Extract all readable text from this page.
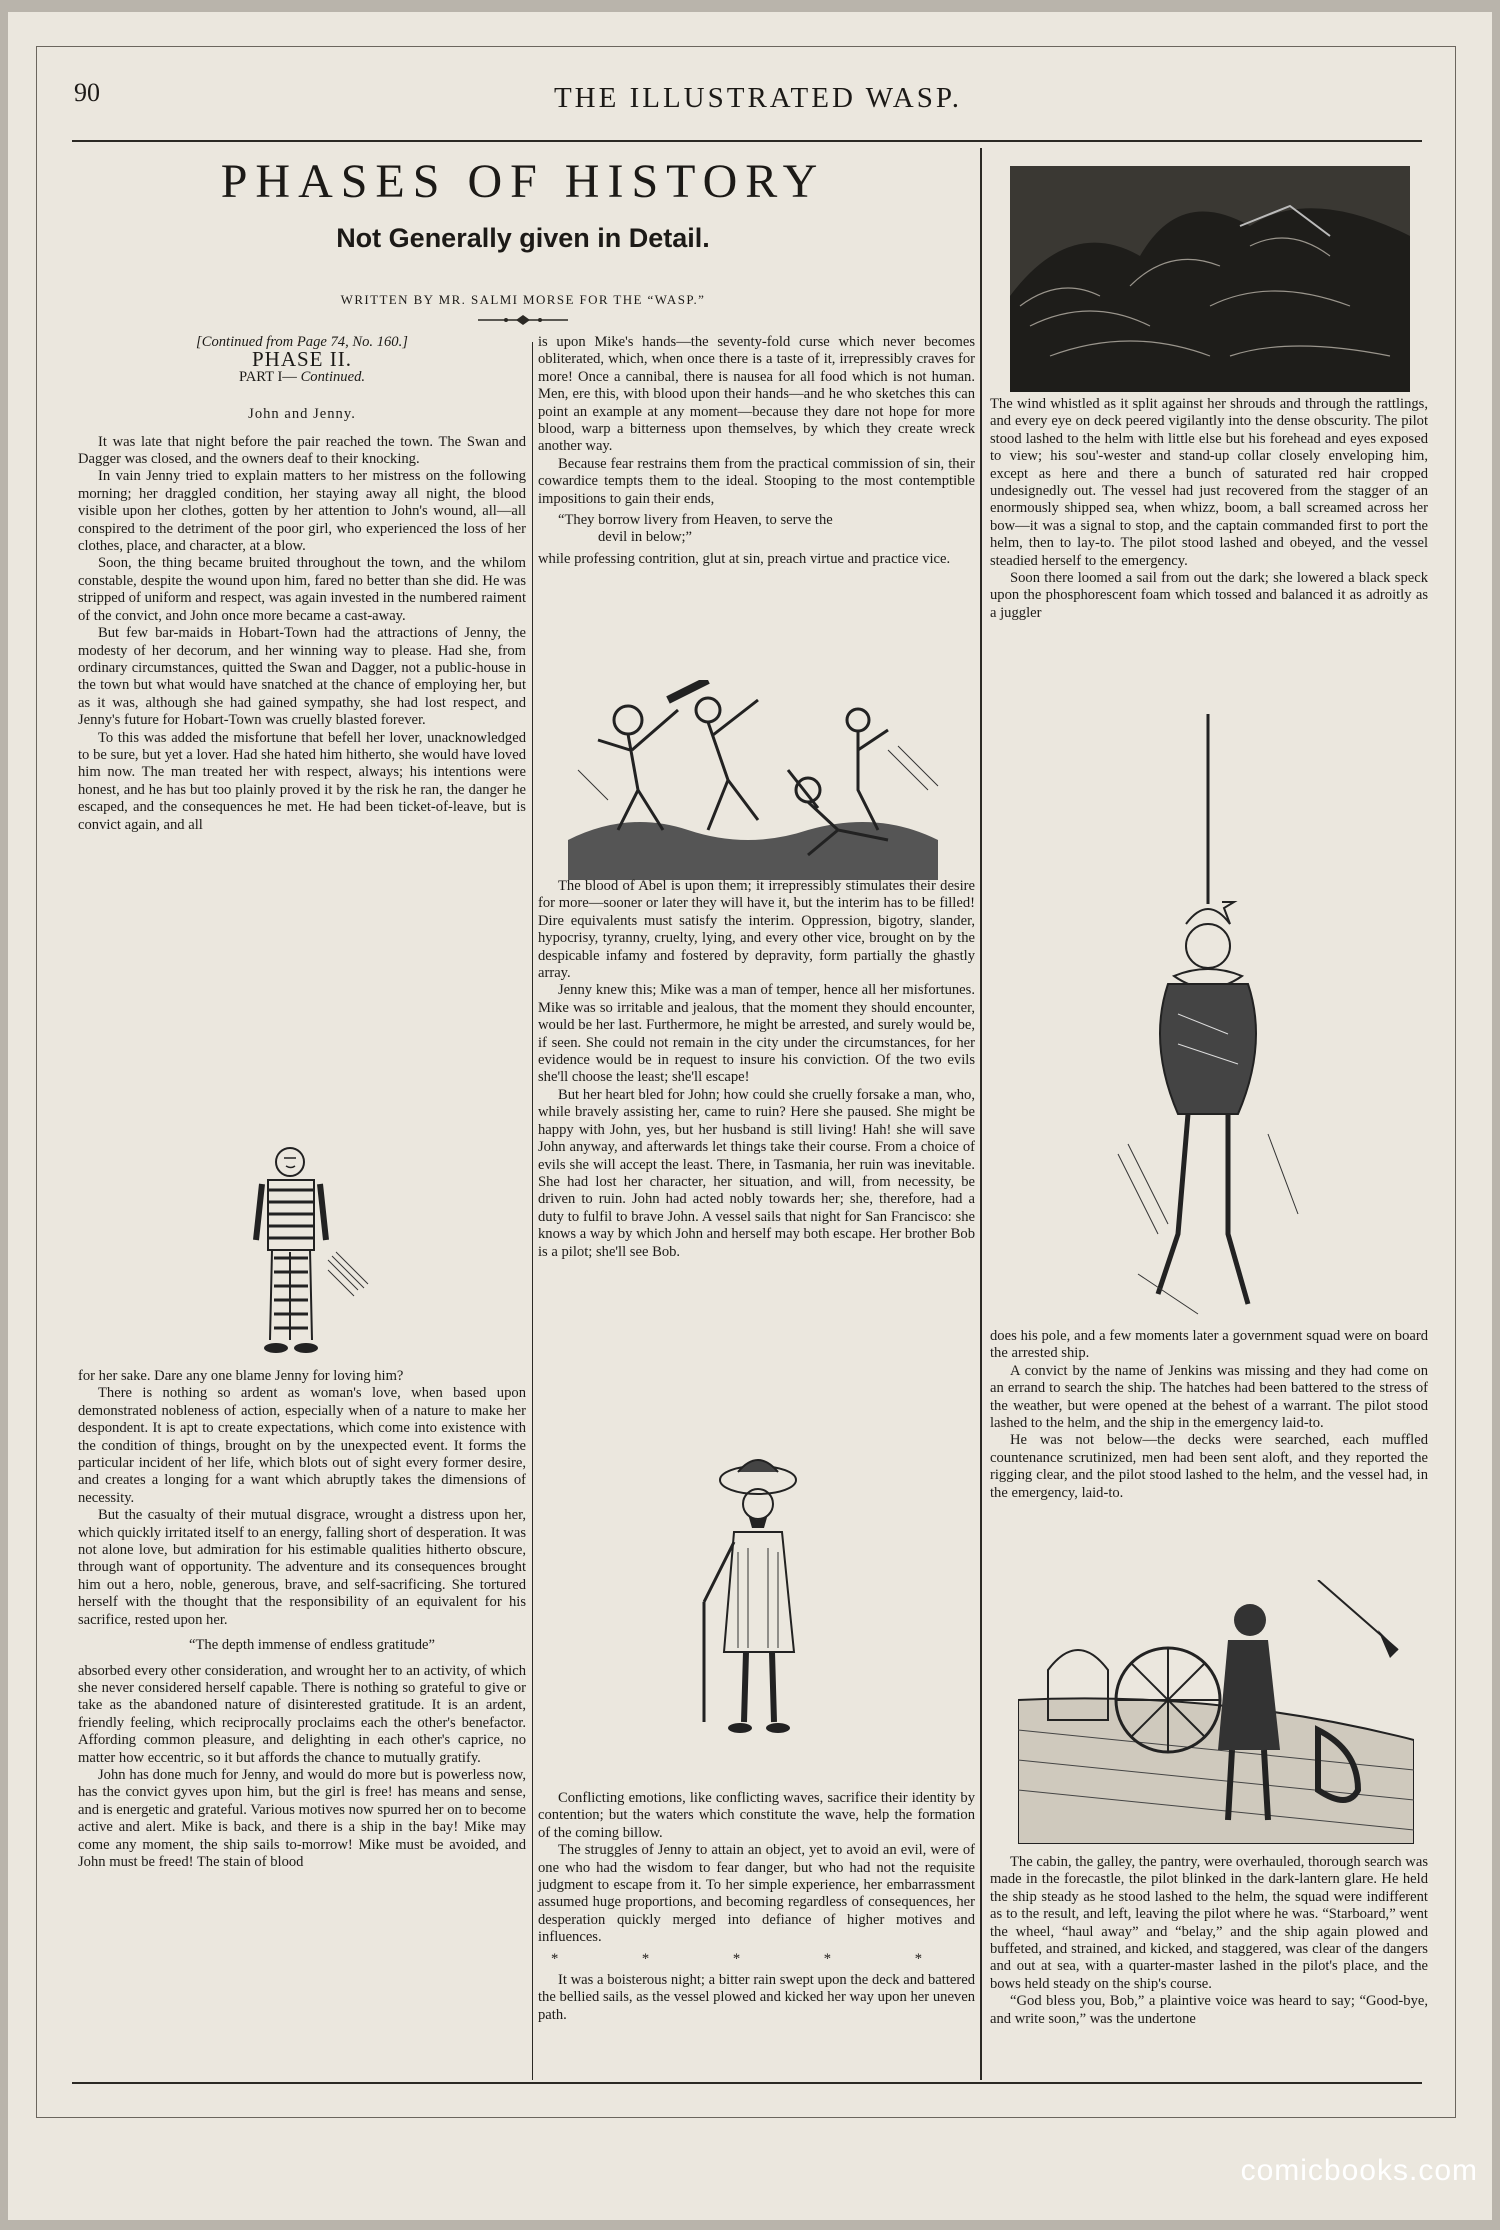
90	THE ILLUSTRATED WASP.
PHASES OF HISTORY
Not Generally given in Detail.
WRITTEN BY MR. SALMI MORSE FOR THE “WASP.”

[Continued from Page 74, No. 160.]

PHASE II.

PART I— Continued.

John and Jenny.

It was late that night before the pair reached the town. The Swan and Dagger was closed, and the owners deaf to their knocking.

In vain Jenny tried to explain matters to her mistress on the following morning; her draggled condition, her staying away all night, the blood visible upon her clothes, gotten by her attention to John's wound, all—all conspired to the detriment of the poor girl, who experienced the loss of her clothes, place, and character, at a blow.

Soon, the thing became bruited throughout the town, and the whilom constable, despite the wound upon him, fared no better than she did. He was stripped of uniform and respect, was again invested in the numbered raiment of the convict, and John once more became a cast-away.

But few bar-maids in Hobart-Town had the attractions of Jenny, the modesty of her decorum, and her winning way to please. Had she, from ordinary circumstances, quitted the Swan and Dagger, not a public-house in the town but what would have snatched at the chance of employing her, but as it was, although she had gained sympathy, she had lost respect, and Jenny's future for Hobart-Town was cruelly blasted forever.

To this was added the misfortune that befell her lover, unacknowledged to be sure, but yet a lover. Had she hated him hitherto, she would have loved him now. The man treated her with respect, always; his intentions were honest, and he has but too plainly proved it by the risk he ran, the danger he escaped, and the consequences he met. He had been ticket-of-leave, but is convict again, and all

for her sake. Dare any one blame Jenny for loving him?

There is nothing so ardent as woman's love, when based upon demonstrated nobleness of action, especially when of a nature to make her despondent. It is apt to create expectations, which come into existence with the condition of things, brought on by the unexpected event. It forms the particular incident of her life, which blots out of sight every former desire, and creates a longing for a want which abruptly takes the dimensions of necessity.

But the casualty of their mutual disgrace, wrought a distress upon her, which quickly irritated itself to an energy, falling short of desperation. It was not alone love, but admiration for his estimable qualities hitherto obscure, through want of opportunity. The adventure and its consequences brought him out a hero, noble, generous, brave, and self-sacrificing. She tortured herself with the thought that the responsibility of an equivalent for his sacrifice, rested upon her.

“The depth immense of endless gratitude”

absorbed every other consideration, and wrought her to an activity, of which she never considered herself capable. There is nothing so grateful to give or take as the abandoned nature of disinterested gratitude. It is an ardent, friendly feeling, which reciprocally proclaims each the other's benefactor. Affording common pleasure, and delighting in each other's caprice, no matter how eccentric, so it but affords the chance to mutually gratify.

John has done much for Jenny, and would do more but is powerless now, has the convict gyves upon him, but the girl is free! has means and sense, and is energetic and grateful. Various motives now spurred her on to become active and alert. Mike is back, and there is a ship in the bay! Mike may come any moment, the ship sails to-morrow! Mike must be avoided, and John must be freed! The stain of blood

is upon Mike's hands—the seventy-fold curse which never becomes obliterated, which, when once there is a taste of it, irrepressibly craves for more! Once a cannibal, there is nausea for all food which is not human. Men, ere this, with blood upon their hands—and he who sketches this can point an example at any moment—because they dare not hope for more blood, warp a bitterness upon themselves, by which they create wreck another way.

Because fear restrains them from the practical commission of sin, their cowardice tempts them to the ideal. Stooping to the most contemptible impositions to gain their ends,

“They borrow livery from Heaven, to serve the

devil in below;”

while professing contrition, glut at sin, preach virtue and practice vice.

The blood of Abel is upon them; it irrepressibly stimulates their desire for more—sooner or later they will have it, but the interim has to be filled! Dire equivalents must satisfy the interim. Oppression, bigotry, slander, hypocrisy, tyranny, cruelty, lying, and every other vice, brought on by the despicable infamy and fostered by depravity, form partially the ghastly array.

Jenny knew this; Mike was a man of temper, hence all her misfortunes. Mike was so irritable and jealous, that the moment they should encounter, would be her last. Furthermore, he might be arrested, and surely would be, if seen. She could not remain in the city under the circumstances, for her evidence would be in request to insure his conviction. Of the two evils she'll choose the least; she'll escape!

But her heart bled for John; how could she cruelly forsake a man, who, while bravely assisting her, came to ruin? Here she paused. She might be happy with John, yes, but her husband is still living! Hah! she will save John anyway, and afterwards let things take their course. From a choice of evils she will accept the least. There, in Tasmania, her ruin was inevitable. She had lost her character, her situation, and will, from necessity, be driven to ruin. John had acted nobly towards her; she, therefore, had a duty to fulfil to brave John. A vessel sails that night for San Francisco: she knows a way by which John and herself may both escape. Her brother Bob is a pilot; she'll see Bob.

Conflicting emotions, like conflicting waves, sacrifice their identity by contention; but the waters which constitute the wave, help the formation of the coming billow.

The struggles of Jenny to attain an object, yet to avoid an evil, were of one who had the wisdom to fear danger, but who had not the requisite judgment to escape from it. To her simple experience, her embarrassment assumed huge proportions, and becoming regardless of consequences, her desperation quickly merged into defiance of higher motives and influences.

* * * * *

It was a boisterous night; a bitter rain swept upon the deck and battered the bellied sails, as the vessel plowed and kicked her way upon her uneven path.

The wind whistled as it split against her shrouds and through the rattlings, and every eye on deck peered vigilantly into the dense obscurity. The pilot stood lashed to the helm with little else but his forehead and eyes exposed to view; his sou'-wester and stand-up collar closely enveloping him, except as here and there a bunch of saturated red hair cropped undesignedly out. The vessel had just recovered from the stagger of an enormously shipped sea, when whizz, boom, a ball screamed across her bow—it was a signal to stop, and the captain commanded first to port the helm, then to lay-to. The pilot stood lashed and obeyed, and the vessel steadied herself to the emergency.

Soon there loomed a sail from out the dark; she lowered a black speck upon the phosphorescent foam which tossed and balanced it as adroitly as a juggler

does his pole, and a few moments later a government squad were on board the arrested ship.

A convict by the name of Jenkins was missing and they had come on an errand to search the ship. The hatches had been battered to the stress of the weather, but were opened at the behest of a warrant. The pilot stood lashed to the helm, and the ship in the emergency laid-to.

He was not below—the decks were searched, each muffled countenance scrutinized, men had been sent aloft, and they reported the rigging clear, and the pilot stood lashed to the helm, and the vessel had, in the emergency, laid-to.

The cabin, the galley, the pantry, were overhauled, thorough search was made in the forecastle, the pilot blinked in the dark-lantern glare. He held the ship steady as he stood lashed to the helm, the squad were indifferent as to the result, and left, leaving the pilot where he was. “Starboard,” went the wheel, “haul away” and “belay,” and the ship again plowed and buffeted, and strained, and kicked, and staggered, was clear of the dangers and out at sea, with a quarter-master lashed in the pilot's place, and the bows held steady on the ship's course.

“God bless you, Bob,” a plaintive voice was heard to say; “Good-bye, and write soon,” was the undertone

comicbooks.com
